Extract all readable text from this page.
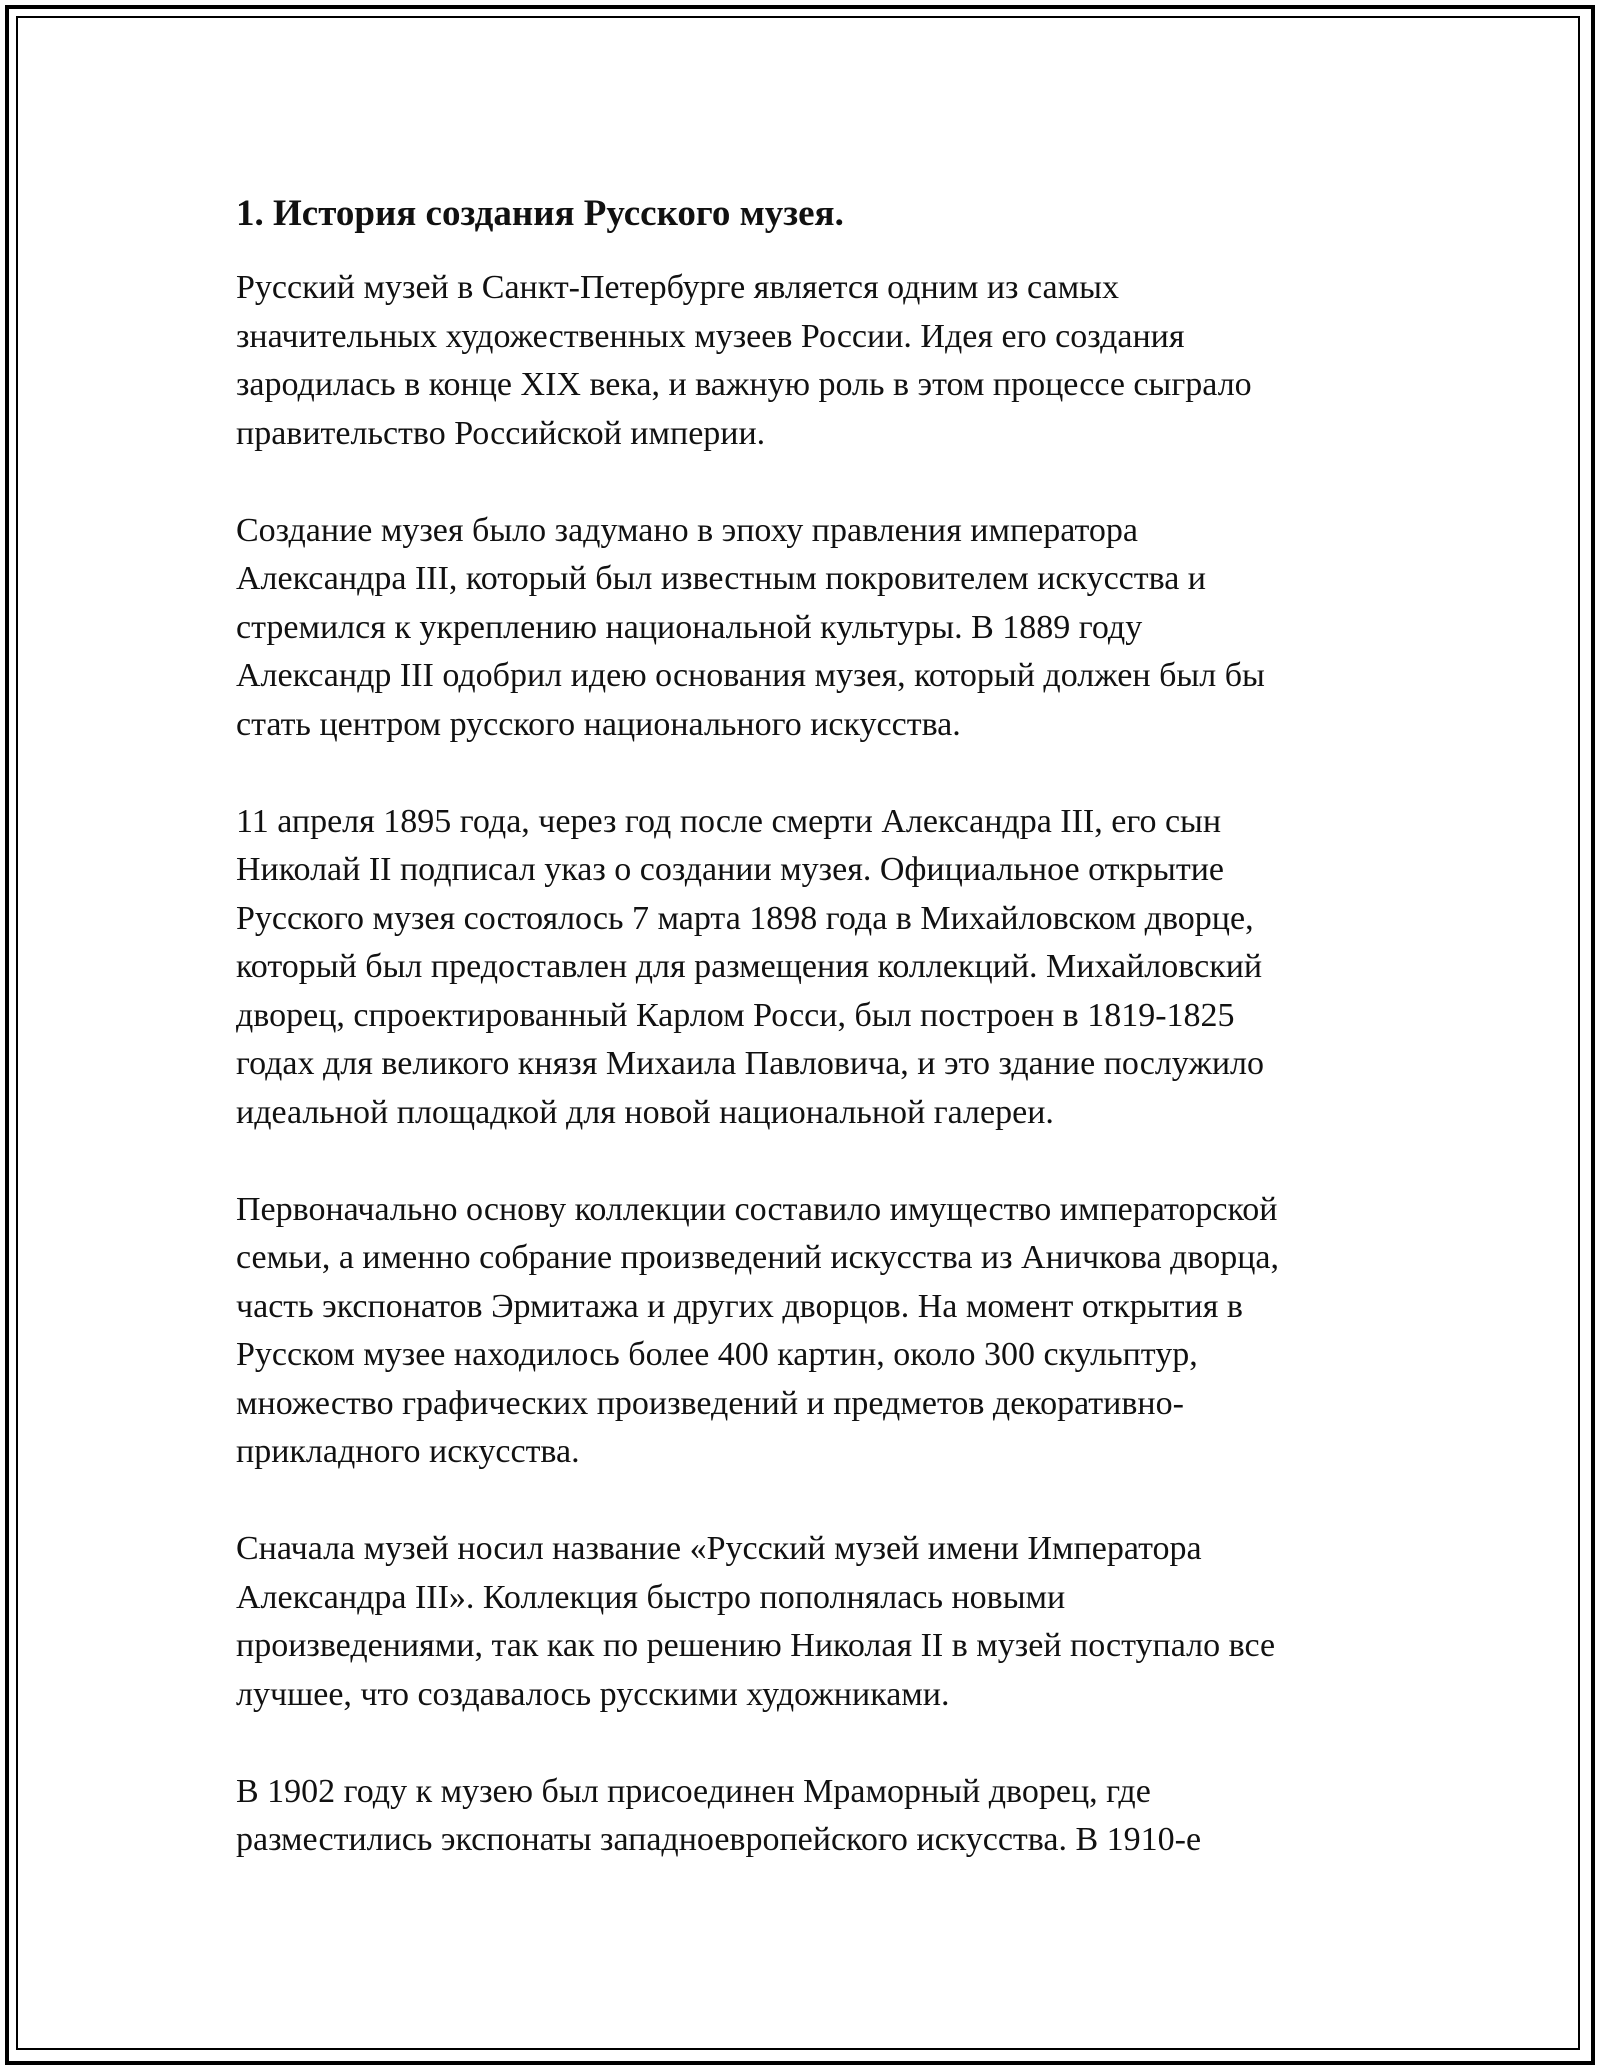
1. История создания Русского музея.

Русский музей в Санкт-Петербурге является одним из самых
значительных художественных музеев России. Идея его создания
зародилась в конце XIX века, и важную роль в этом процессе сыграло
правительство Российской империи.

Создание музея было задумано в эпоху правления императора
Александра III, который был известным покровителем искусства и
стремился к укреплению национальной культуры. В 1889 году
Александр III одобрил идею основания музея, который должен был бы
стать центром русского национального искусства.

11 апреля 1895 года, через год после смерти Александра III, его сын
Николай II подписал указ о создании музея. Официальное открытие
Русского музея состоялось 7 марта 1898 года в Михайловском дворце,
который был предоставлен для размещения коллекций. Михайловский
дворец, спроектированный Карлом Росси, был построен в 1819-1825
годах для великого князя Михаила Павловича, и это здание послужило
идеальной площадкой для новой национальной галереи.

Первоначально основу коллекции составило имущество императорской
семьи, а именно собрание произведений искусства из Аничкова дворца,
часть экспонатов Эрмитажа и других дворцов. На момент открытия в
Русском музее находилось более 400 картин, около 300 скульптур,
множество графических произведений и предметов декоративно-
прикладного искусства.

Сначала музей носил название «Русский музей имени Императора
Александра III». Коллекция быстро пополнялась новыми
произведениями, так как по решению Николая II в музей поступало все
лучшее, что создавалось русскими художниками.

В 1902 году к музею был присоединен Мраморный дворец, где
разместились экспонаты западноевропейского искусства. В 1910-е
